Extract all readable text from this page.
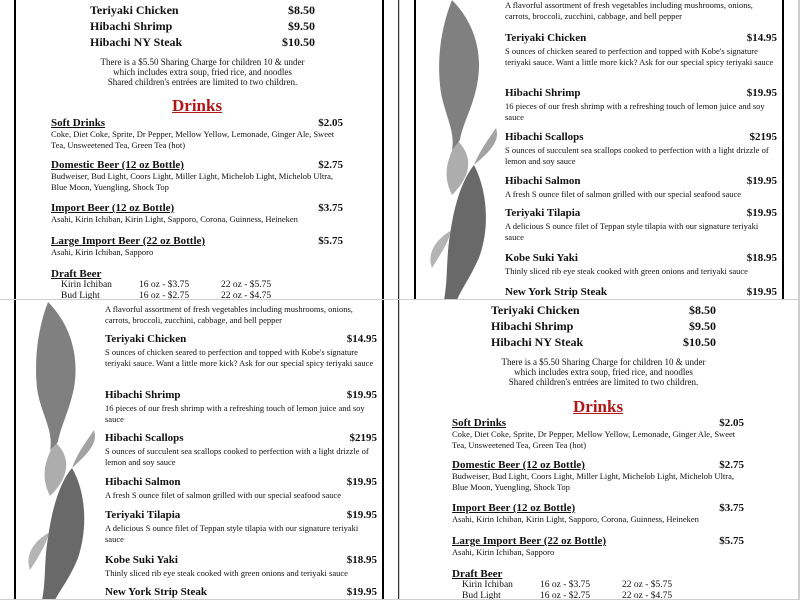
Teriyaki Chicken	$8.50
Hibachi Shrimp	$9.50
Hibachi NY Steak	$10.50
There is a $5.50 Sharing Charge for children 10 & under
which includes extra soup, fried rice, and noodles
Shared children's entrées are limited to two children.
Drinks
Soft Drinks	$2.05
Coke, Diet Coke, Sprite, Dr Pepper, Mellow Yellow, Lemonade, Ginger Ale, Sweet Tea, Unsweetened Tea, Green Tea (hot)
Domestic Beer (12 oz Bottle)	$2.75
Budweiser, Bud Light, Coors Light, Miller Light, Michelob Light, Michelob Ultra, Blue Moon, Yuengling, Shock Top
Import Beer (12 oz Bottle)	$3.75
Asahi, Kirin Ichiban, Kirin Light, Sapporo, Corona, Guinness, Heineken
Large Import Beer (22 oz Bottle)	$5.75
Asahi, Kirin Ichiban, Sapporo
Draft Beer
Kirin Ichiban	16 oz - $3.75	22 oz - $5.75
Bud Light	16 oz - $2.75	22 oz - $4.75
A flavorful assortment of fresh vegetables including mushrooms, onions, carrots, broccoli, zucchini, cabbage, and bell pepper
Teriyaki Chicken	$14.95
S ounces of chicken seared to perfection and topped with Kobe's signature teriyaki sauce. Want a little more kick? Ask for our special spicy teriyaki sauce
Hibachi Shrimp	$19.95
16 pieces of our fresh shrimp with a refreshing touch of lemon juice and soy sauce
Hibachi Scallops	$2195
S ounces of succulent sea scallops cooked to perfection with a light drizzle of lemon and soy sauce
Hibachi Salmon	$19.95
A fresh S ounce filet of salmon grilled with our special seafood sauce
Teriyaki Tilapia	$19.95
A delicious S ounce filet of Teppan style tilapia with our signature teriyaki sauce
Kobe Suki Yaki	$18.95
Thinly sliced rib eye steak cooked with green onions and teriyaki sauce
New York Strip Steak	$19.95
A flavorful assortment of fresh vegetables including mushrooms, onions, carrots, broccoli, zucchini, cabbage, and bell pepper
Teriyaki Chicken	$14.95
S ounces of chicken seared to perfection and topped with Kobe's signature teriyaki sauce. Want a little more kick? Ask for our special spicy teriyaki sauce
Hibachi Shrimp	$19.95
16 pieces of our fresh shrimp with a refreshing touch of lemon juice and soy sauce
Hibachi Scallops	$2195
S ounces of succulent sea scallops cooked to perfection with a light drizzle of lemon and soy sauce
Hibachi Salmon	$19.95
A fresh S ounce filet of salmon grilled with our special seafood sauce
Teriyaki Tilapia	$19.95
A delicious S ounce filet of Teppan style tilapia with our signature teriyaki sauce
Kobe Suki Yaki	$18.95
Thinly sliced rib eye steak cooked with green onions and teriyaki sauce
New York Strip Steak	$19.95
Teriyaki Chicken	$8.50
Hibachi Shrimp	$9.50
Hibachi NY Steak	$10.50
There is a $5.50 Sharing Charge for children 10 & under
which includes extra soup, fried rice, and noodles
Shared children's entrées are limited to two children.
Drinks
Soft Drinks	$2.05
Coke, Diet Coke, Sprite, Dr Pepper, Mellow Yellow, Lemonade, Ginger Ale, Sweet Tea, Unsweetened Tea, Green Tea (hot)
Domestic Beer (12 oz Bottle)	$2.75
Budweiser, Bud Light, Coors Light, Miller Light, Michelob Light, Michelob Ultra, Blue Moon, Yuengling, Shock Top
Import Beer (12 oz Bottle)	$3.75
Asahi, Kirin Ichiban, Kirin Light, Sapporo, Corona, Guinness, Heineken
Large Import Beer (22 oz Bottle)	$5.75
Asahi, Kirin Ichiban, Sapporo
Draft Beer
Kirin Ichiban	16 oz - $3.75	22 oz - $5.75
Bud Light	16 oz - $2.75	22 oz - $4.75
